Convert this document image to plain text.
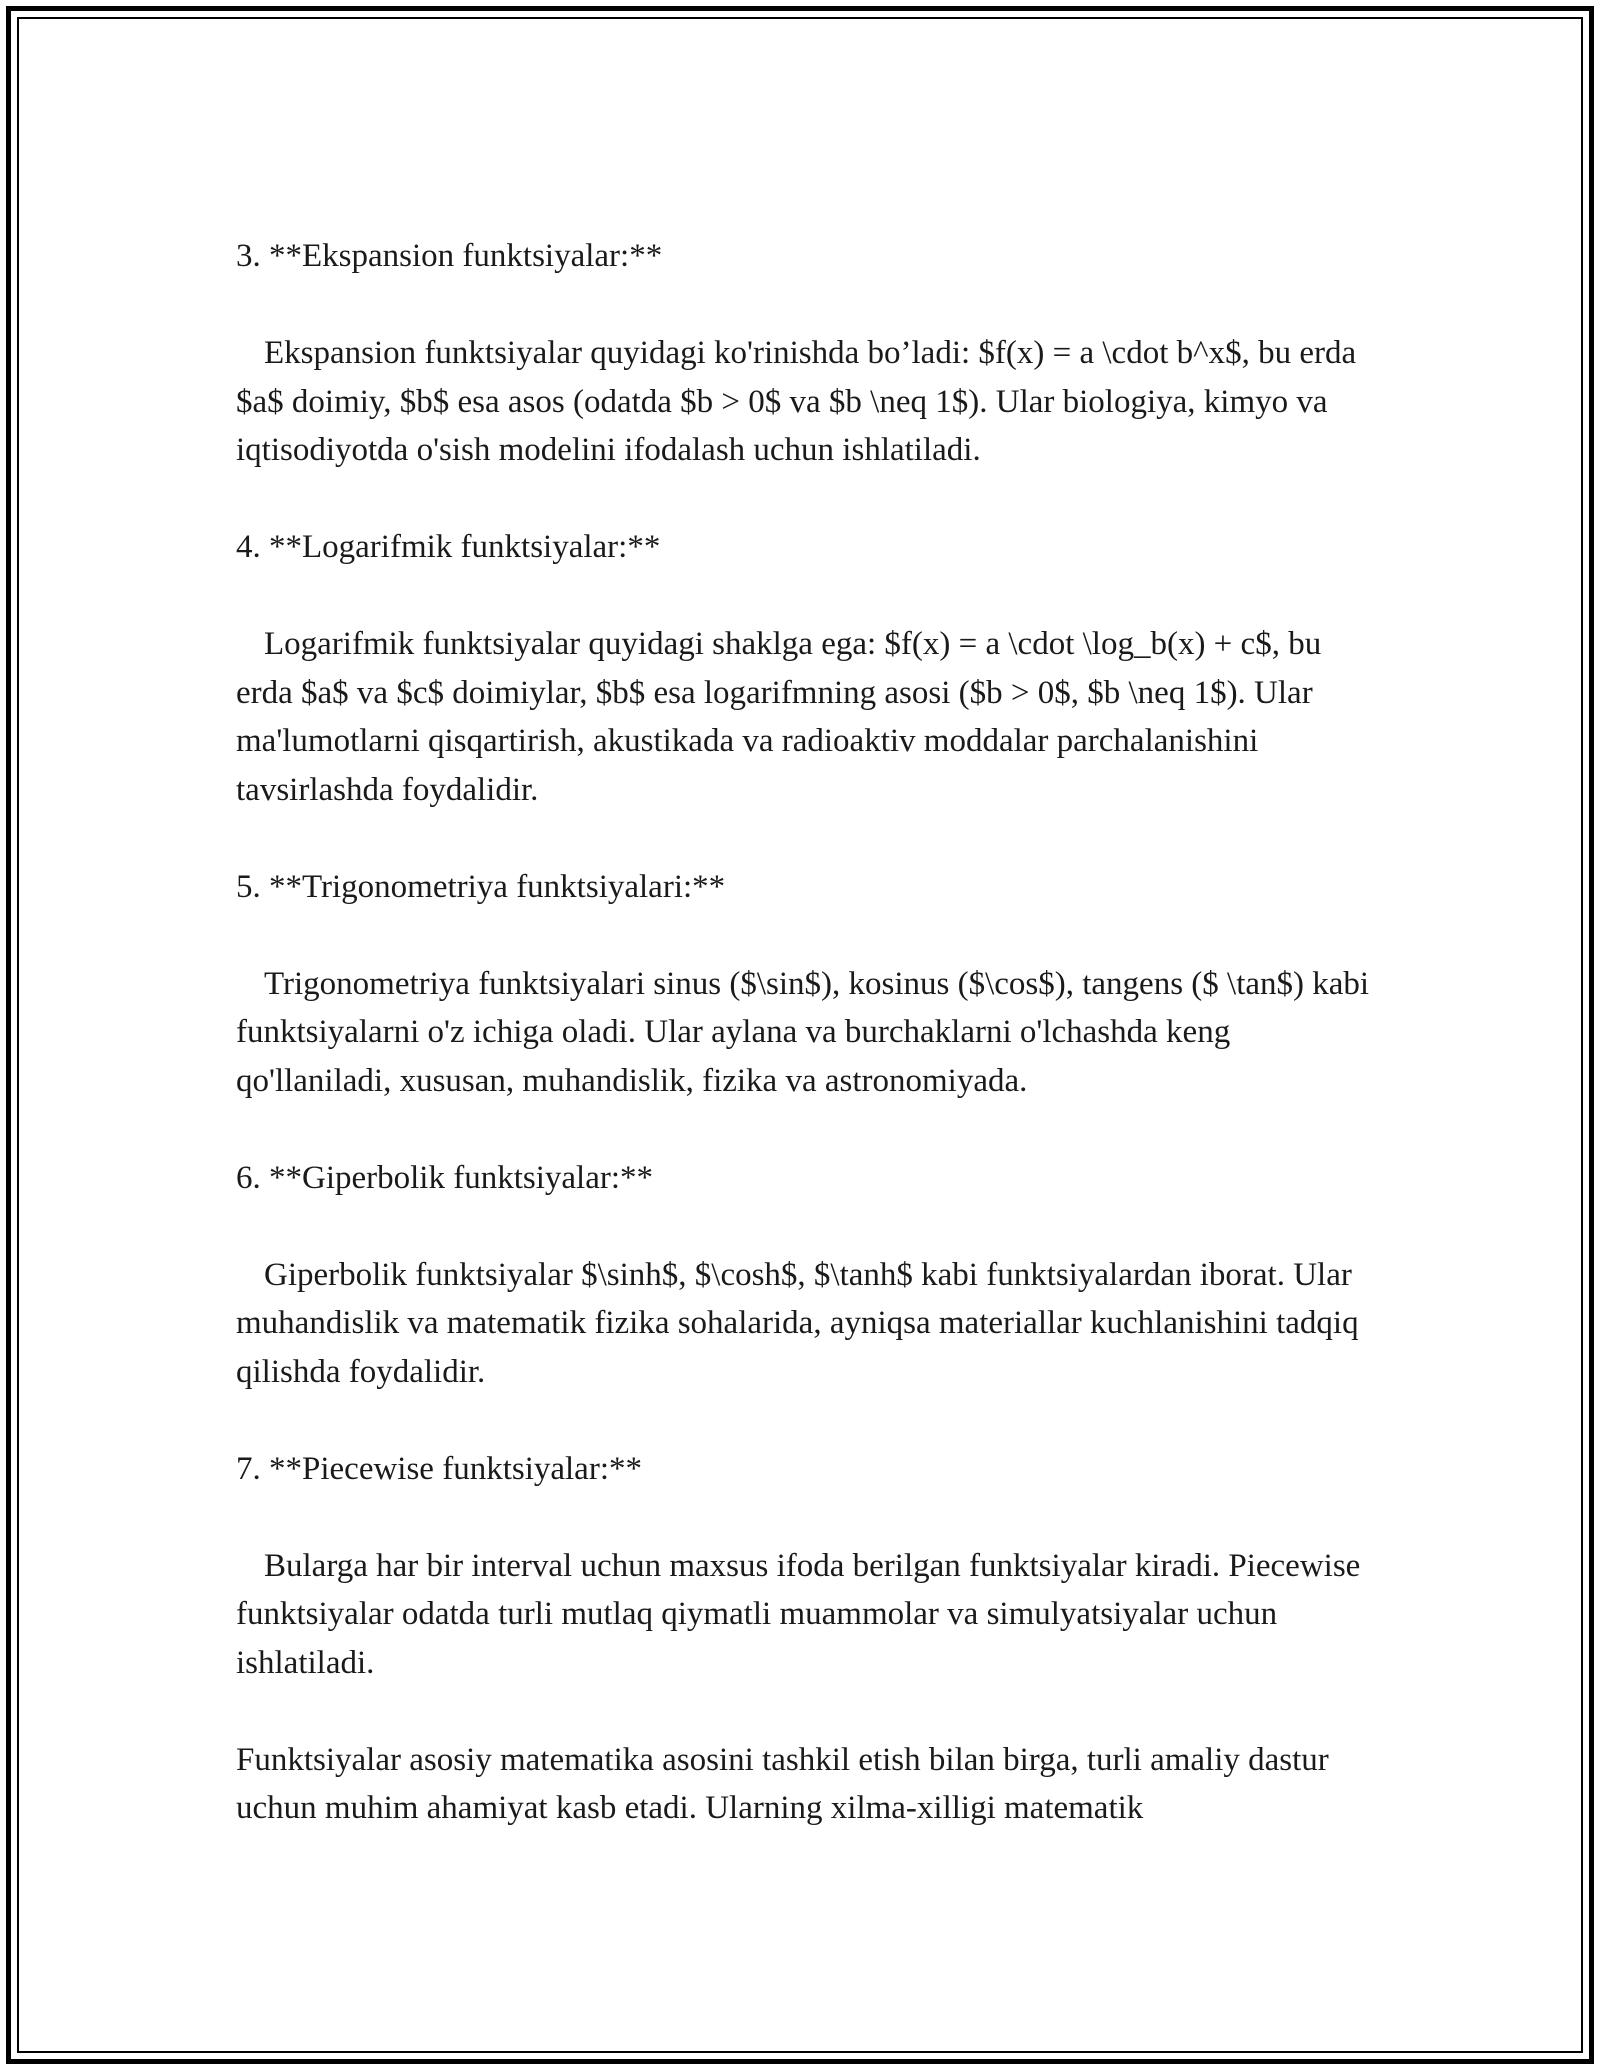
3. **Ekspansion funktsiyalar:**

Ekspansion funktsiyalar quyidagi ko'rinishda bo’ladi: $f(x) = a \cdot b^x$, bu erda $a$ doimiy, $b$ esa asos (odatda $b > 0$ va $b \neq 1$). Ular biologiya, kimyo va iqtisodiyotda o'sish modelini ifodalash uchun ishlatiladi.

4. **Logarifmik funktsiyalar:**

Logarifmik funktsiyalar quyidagi shaklga ega: $f(x) = a \cdot \log_b(x) + c$, bu erda $a$ va $c$ doimiylar, $b$ esa logarifmning asosi ($b > 0$, $b \neq 1$). Ular ma'lumotlarni qisqartirish, akustikada va radioaktiv moddalar parchalanishini tavsirlashda foydalidir.

5. **Trigonometriya funktsiyalari:**

Trigonometriya funktsiyalari sinus ($\sin$), kosinus ($\cos$), tangens ($ \tan$) kabi funktsiyalarni o'z ichiga oladi. Ular aylana va burchaklarni o'lchashda keng qo'llaniladi, xususan, muhandislik, fizika va astronomiyada.

6. **Giperbolik funktsiyalar:**

Giperbolik funktsiyalar $\sinh$, $\cosh$, $\tanh$ kabi funktsiyalardan iborat. Ular muhandislik va matematik fizika sohalarida, ayniqsa materiallar kuchlanishini tadqiq qilishda foydalidir.

7. **Piecewise funktsiyalar:**

Bularga har bir interval uchun maxsus ifoda berilgan funktsiyalar kiradi. Piecewise funktsiyalar odatda turli mutlaq qiymatli muammolar va simulyatsiyalar uchun ishlatiladi.

Funktsiyalar asosiy matematika asosini tashkil etish bilan birga, turli amaliy dastur uchun muhim ahamiyat kasb etadi. Ularning xilma-xilligi matematik
